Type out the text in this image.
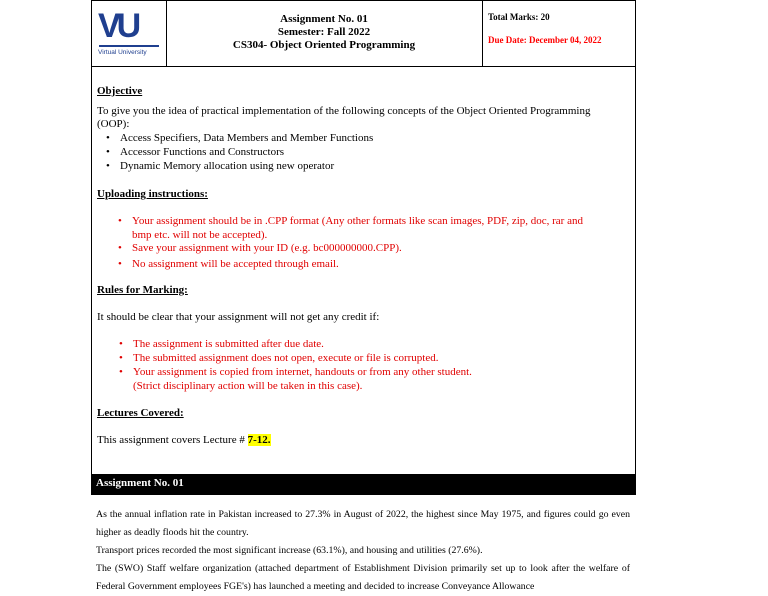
VU
Virtual University
Assignment No. 01
Semester: Fall 2022
CS304- Object Oriented Programming
Total Marks: 20
Due Date: December 04, 2022
Objective
To give you the idea of practical implementation of the following concepts of the Object Oriented Programming
(OOP):
• Access Specifiers, Data Members and Member Functions
• Accessor Functions and Constructors
• Dynamic Memory allocation using new operator
Uploading instructions:
• Your assignment should be in .CPP format (Any other formats like scan images, PDF, zip, doc, rar and
bmp etc. will not be accepted).
• Save your assignment with your ID (e.g. bc000000000.CPP).
• No assignment will be accepted through email.
Rules for Marking:
It should be clear that your assignment will not get any credit if:
• The assignment is submitted after due date.
• The submitted assignment does not open, execute or file is corrupted.
• Your assignment is copied from internet, handouts or from any other student.
(Strict disciplinary action will be taken in this case).
Lectures Covered:
This assignment covers Lecture # 7-12.
Assignment No. 01
As the annual inflation rate in Pakistan increased to 27.3% in August of 2022, the highest since May 1975, and figures could go even higher as deadly floods hit the country.
Transport prices recorded the most significant increase (63.1%), and housing and utilities (27.6%).
The (SWO) Staff welfare organization (attached department of Establishment Division primarily set up to look after the welfare of Federal Government employees FGE's) has launched a meeting and decided to increase Conveyance Allowance
